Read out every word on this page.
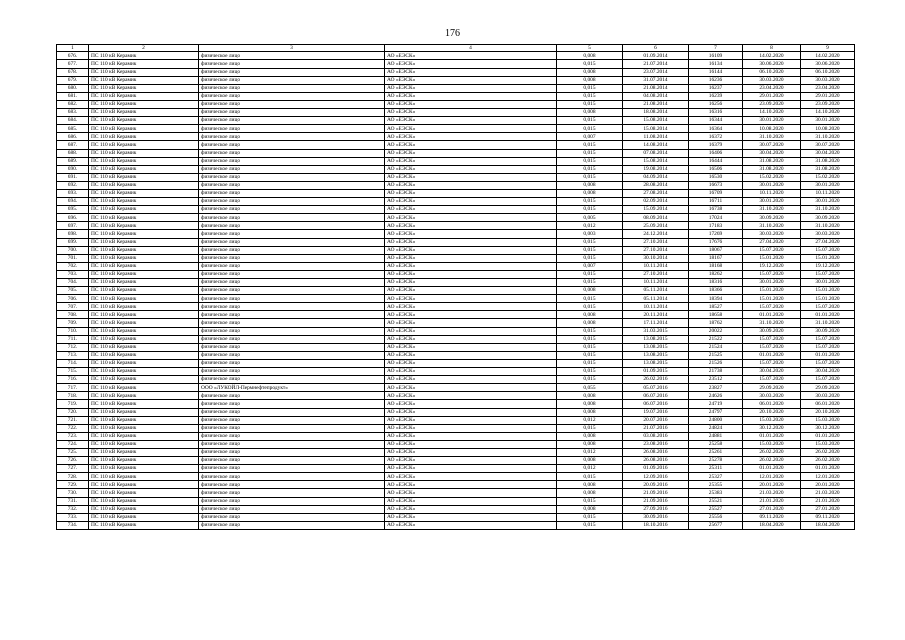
176
1	2	3	4	5	6	7	8	9
676.	ПС 110 кВ Керамик	физическое лицо	АО «ЕЭСК»	0,008	01.09.2014	16109	14.02.2020	14.02.2020
677.	ПС 110 кВ Керамик	физическое лицо	АО «ЕЭСК»	0,015	21.07.2014	16134	30.06.2020	30.06.2020
678.	ПС 110 кВ Керамик	физическое лицо	АО «ЕЭСК»	0,008	23.07.2014	16144	06.10.2020	06.10.2020
679.	ПС 110 кВ Керамик	физическое лицо	АО «ЕЭСК»	0,008	31.07.2014	16236	30.03.2020	30.03.2020
680.	ПС 110 кВ Керамик	физическое лицо	АО «ЕЭСК»	0,015	21.08.2014	16237	23.04.2020	23.04.2020
681.	ПС 110 кВ Керамик	физическое лицо	АО «ЕЭСК»	0,015	04.08.2014	16239	29.01.2020	29.01.2020
682.	ПС 110 кВ Керамик	физическое лицо	АО «ЕЭСК»	0,015	21.08.2014	16256	23.09.2020	23.09.2020
683.	ПС 110 кВ Керамик	физическое лицо	АО «ЕЭСК»	0,008	18.08.2014	16316	14.10.2020	14.10.2020
684.	ПС 110 кВ Керамик	физическое лицо	АО «ЕЭСК»	0,015	15.08.2014	16344	30.01.2020	30.01.2020
685.	ПС 110 кВ Керамик	физическое лицо	АО «ЕЭСК»	0,015	15.08.2014	16364	10.08.2020	10.08.2020
686.	ПС 110 кВ Керамик	физическое лицо	АО «ЕЭСК»	0,007	11.08.2014	16372	31.10.2020	31.10.2020
687.	ПС 110 кВ Керамик	физическое лицо	АО «ЕЭСК»	0,015	14.08.2014	16379	30.07.2020	30.07.2020
688.	ПС 110 кВ Керамик	физическое лицо	АО «ЕЭСК»	0,015	07.08.2014	16406	30.04.2020	30.04.2020
689.	ПС 110 кВ Керамик	физическое лицо	АО «ЕЭСК»	0,015	15.08.2014	16444	31.08.2020	31.08.2020
690.	ПС 110 кВ Керамик	физическое лицо	АО «ЕЭСК»	0,015	19.08.2014	16506	31.08.2020	31.08.2020
691.	ПС 110 кВ Керамик	физическое лицо	АО «ЕЭСК»	0,015	04.09.2014	16530	15.02.2020	15.02.2020
692.	ПС 110 кВ Керамик	физическое лицо	АО «ЕЭСК»	0,008	28.08.2014	16673	30.01.2020	30.01.2020
693.	ПС 110 кВ Керамик	физическое лицо	АО «ЕЭСК»	0,008	27.08.2014	16709	10.11.2020	10.11.2020
694.	ПС 110 кВ Керамик	физическое лицо	АО «ЕЭСК»	0,015	02.09.2014	16711	30.01.2020	30.01.2020
695.	ПС 110 кВ Керамик	физическое лицо	АО «ЕЭСК»	0,015	15.09.2014	16738	31.10.2020	31.10.2020
696.	ПС 110 кВ Керамик	физическое лицо	АО «ЕЭСК»	0,005	08.09.2014	17024	30.09.2020	30.09.2020
697.	ПС 110 кВ Керамик	физическое лицо	АО «ЕЭСК»	0,012	25.09.2014	17183	31.10.2020	31.10.2020
698.	ПС 110 кВ Керамик	физическое лицо	АО «ЕЭСК»	0,003	24.12.2014	17269	30.03.2020	30.03.2020
699.	ПС 110 кВ Керамик	физическое лицо	АО «ЕЭСК»	0,015	27.10.2014	17676	27.04.2020	27.04.2020
700.	ПС 110 кВ Керамик	физическое лицо	АО «ЕЭСК»	0,015	27.10.2014	18067	15.07.2020	15.07.2020
701.	ПС 110 кВ Керамик	физическое лицо	АО «ЕЭСК»	0,015	30.10.2014	18167	15.01.2020	15.01.2020
702.	ПС 110 кВ Керамик	физическое лицо	АО «ЕЭСК»	0,007	10.11.2014	18168	19.12.2020	19.12.2020
703.	ПС 110 кВ Керамик	физическое лицо	АО «ЕЭСК»	0,015	27.10.2014	18262	15.07.2020	15.07.2020
704.	ПС 110 кВ Керамик	физическое лицо	АО «ЕЭСК»	0,015	10.11.2014	18316	30.01.2020	30.01.2020
705.	ПС 110 кВ Керамик	физическое лицо	АО «ЕЭСК»	0,008	05.11.2014	18366	15.01.2020	15.01.2020
706.	ПС 110 кВ Керамик	физическое лицо	АО «ЕЭСК»	0,015	05.11.2014	18394	15.01.2020	15.01.2020
707.	ПС 110 кВ Керамик	физическое лицо	АО «ЕЭСК»	0,015	10.11.2014	18527	15.07.2020	15.07.2020
708.	ПС 110 кВ Керамик	физическое лицо	АО «ЕЭСК»	0,008	20.11.2014	18658	01.01.2020	01.01.2020
709.	ПС 110 кВ Керамик	физическое лицо	АО «ЕЭСК»	0,008	17.11.2014	18762	31.10.2020	31.10.2020
710.	ПС 110 кВ Керамик	физическое лицо	АО «ЕЭСК»	0,015	31.03.2015	20022	30.09.2020	30.09.2020
711.	ПС 110 кВ Керамик	физическое лицо	АО «ЕЭСК»	0,015	13.08.2015	21522	15.07.2020	15.07.2020
712.	ПС 110 кВ Керамик	физическое лицо	АО «ЕЭСК»	0,015	13.08.2015	21524	15.07.2020	15.07.2020
713.	ПС 110 кВ Керамик	физическое лицо	АО «ЕЭСК»	0,015	13.08.2015	21525	01.01.2020	01.01.2020
714.	ПС 110 кВ Керамик	физическое лицо	АО «ЕЭСК»	0,015	13.08.2015	21526	15.07.2020	15.07.2020
715.	ПС 110 кВ Керамик	физическое лицо	АО «ЕЭСК»	0,015	01.09.2015	21738	30.04.2020	30.04.2020
716.	ПС 110 кВ Керамик	физическое лицо	АО «ЕЭСК»	0,015	26.02.2016	23512	15.07.2020	15.07.2020
717.	ПС 110 кВ Керамик	ООО «ЛУКОЙЛ-Пермнефтепродукт»	АО «ЕЭСК»	0,055	05.07.2016	23827	29.09.2020	29.09.2020
718.	ПС 110 кВ Керамик	физическое лицо	АО «ЕЭСК»	0,008	06.07.2016	24626	30.03.2020	30.03.2020
719.	ПС 110 кВ Керамик	физическое лицо	АО «ЕЭСК»	0,008	06.07.2016	24719	06.01.2020	06.01.2020
720.	ПС 110 кВ Керамик	физическое лицо	АО «ЕЭСК»	0,008	19.07.2016	24797	20.10.2020	20.10.2020
721.	ПС 110 кВ Керамик	физическое лицо	АО «ЕЭСК»	0,012	20.07.2016	24800	15.03.2020	15.03.2020
722.	ПС 110 кВ Керамик	физическое лицо	АО «ЕЭСК»	0,015	21.07.2016	24824	30.12.2020	30.12.2020
723.	ПС 110 кВ Керамик	физическое лицо	АО «ЕЭСК»	0,008	03.08.2016	24881	01.01.2020	01.01.2020
724.	ПС 110 кВ Керамик	физическое лицо	АО «ЕЭСК»	0,008	23.08.2016	25258	15.03.2020	15.03.2020
725.	ПС 110 кВ Керамик	физическое лицо	АО «ЕЭСК»	0,012	26.08.2016	25261	26.02.2020	26.02.2020
726.	ПС 110 кВ Керамик	физическое лицо	АО «ЕЭСК»	0,008	26.08.2016	25278	26.02.2020	26.02.2020
727.	ПС 110 кВ Керамик	физическое лицо	АО «ЕЭСК»	0,012	01.09.2016	25311	01.01.2020	01.01.2020
728.	ПС 110 кВ Керамик	физическое лицо	АО «ЕЭСК»	0,015	12.09.2016	25327	12.01.2020	12.01.2020
729.	ПС 110 кВ Керамик	физическое лицо	АО «ЕЭСК»	0,008	20.09.2016	25355	20.01.2020	20.01.2020
730.	ПС 110 кВ Керамик	физическое лицо	АО «ЕЭСК»	0,008	21.09.2016	25383	21.03.2020	21.03.2020
731.	ПС 110 кВ Керамик	физическое лицо	АО «ЕЭСК»	0,015	21.09.2016	25521	21.01.2020	21.01.2020
732.	ПС 110 кВ Керамик	физическое лицо	АО «ЕЭСК»	0,008	27.09.2016	25527	27.01.2020	27.01.2020
733.	ПС 110 кВ Керамик	физическое лицо	АО «ЕЭСК»	0,015	30.09.2016	25556	09.11.2020	09.11.2020
734.	ПС 110 кВ Керамик	физическое лицо	АО «ЕЭСК»	0,015	18.10.2016	25677	18.04.2020	18.04.2020
